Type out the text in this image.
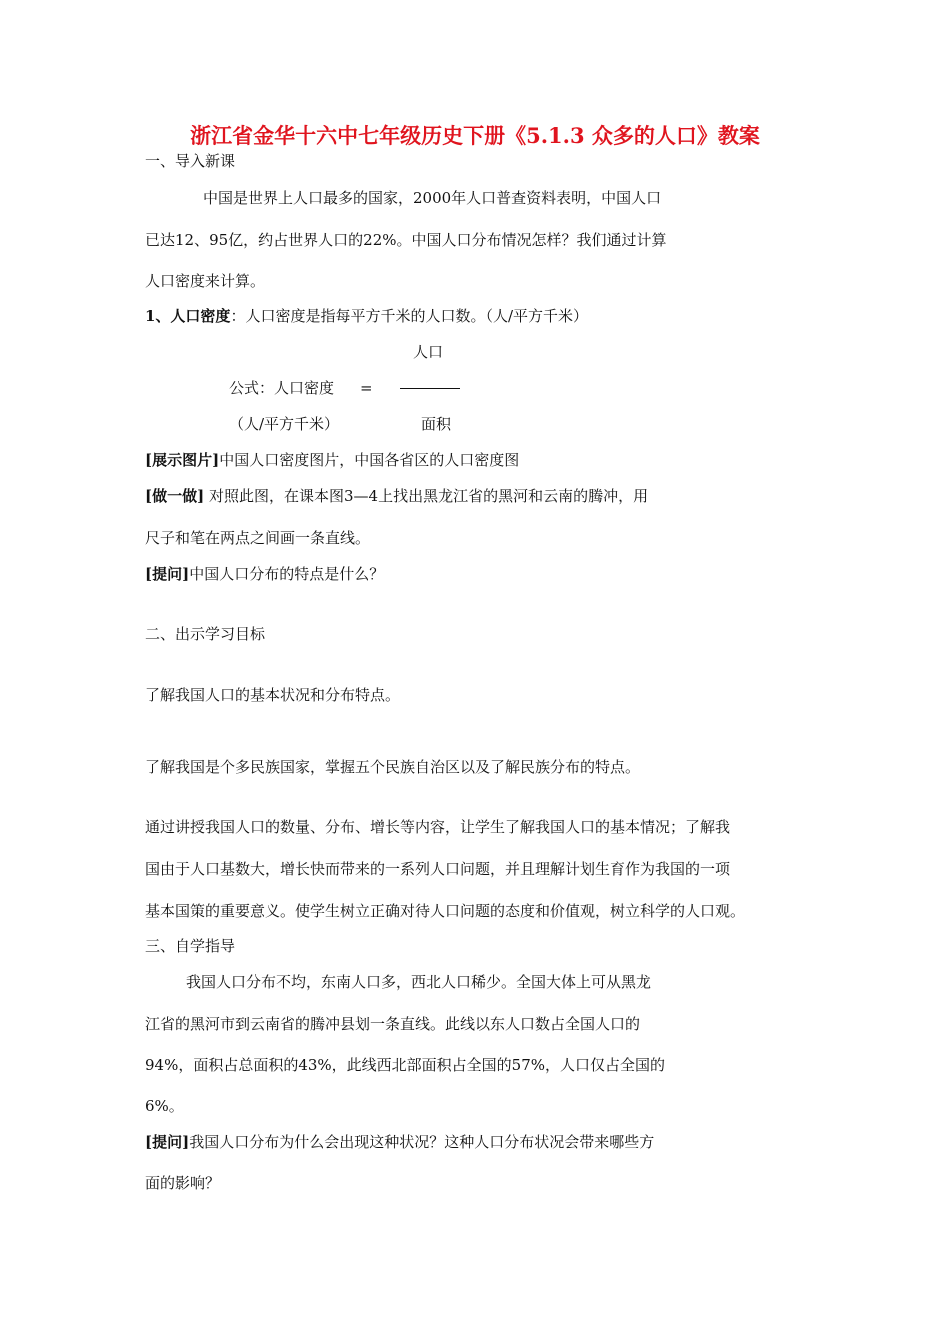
浙江省金华十六中七年级历史下册《5.1.3 众多的人口》教案
一、导入新课
中国是世界上人口最多的国家，2000年人口普查资料表明，中国人口
已达12、95亿，约占世界人口的22%。中国人口分布情况怎样？我们通过计算
人口密度来计算。
1、人口密度：人口密度是指每平方千米的人口数。（人/平方千米）
人口
公式：人口密度 =
（人/平方千米）	面积
[展示图片]中国人口密度图片，中国各省区的人口密度图
[做一做] 对照此图，在课本图3—4上找出黑龙江省的黑河和云南的腾冲，用
尺子和笔在两点之间画一条直线。
[提问]中国人口分布的特点是什么？
二、出示学习目标
了解我国人口的基本状况和分布特点。
了解我国是个多民族国家，掌握五个民族自治区以及了解民族分布的特点。
通过讲授我国人口的数量、分布、增长等内容，让学生了解我国人口的基本情况；了解我
国由于人口基数大，增长快而带来的一系列人口问题，并且理解计划生育作为我国的一项
基本国策的重要意义。使学生树立正确对待人口问题的态度和价值观，树立科学的人口观。
三、自学指导
我国人口分布不均，东南人口多，西北人口稀少。全国大体上可从黑龙
江省的黑河市到云南省的腾冲县划一条直线。此线以东人口数占全国人口的
94%，面积占总面积的43%，此线西北部面积占全国的57%，人口仅占全国的
6%。
[提问]我国人口分布为什么会出现这种状况？这种人口分布状况会带来哪些方
面的影响？
